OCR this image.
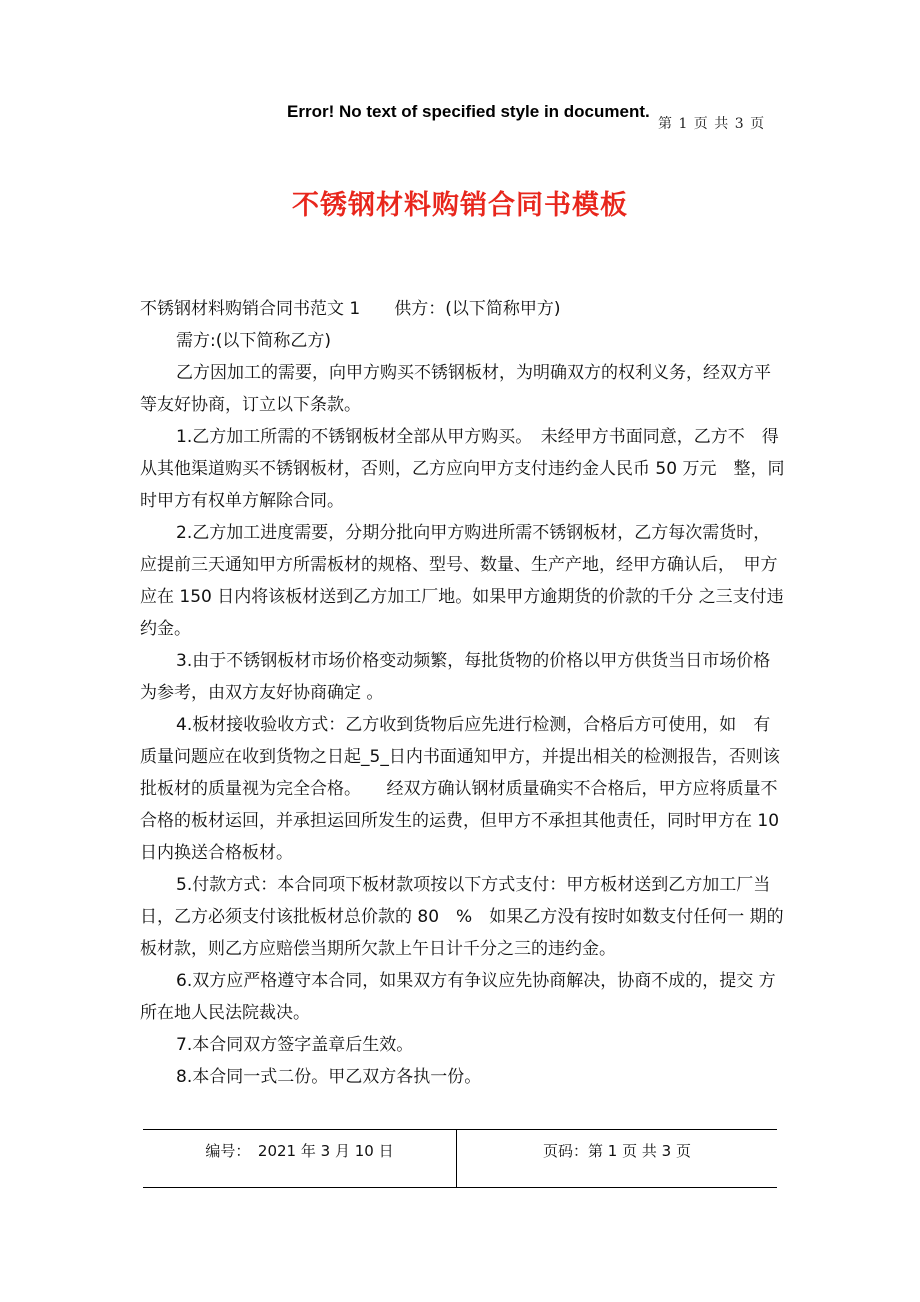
Error! No text of specified style in document.
第 1 页 共 3 页
不锈钢材料购销合同书模板

不锈钢材料购销合同书范文 1　　供方：(以下简称甲方)

需方:(以下简称乙方)

乙方因加工的需要，向甲方购买不锈钢板材，为明确双方的权利义务，经双方平等友好协商，订立以下条款。

1.乙方加工所需的不锈钢板材全部从甲方购买。　未经甲方书面同意，乙方不　得从其他渠道购买不锈钢板材，否则，乙方应向甲方支付违约金人民币 50 万元　整，同时甲方有权单方解除合同。

2.乙方加工进度需要，分期分批向甲方购进所需不锈钢板材，乙方每次需货时，　应提前三天通知甲方所需板材的规格、型号、数量、生产产地，经甲方确认后，　甲方应在 150 日内将该板材送到乙方加工厂地。如果甲方逾期货的价款的千分 之三支付违约金。

3.由于不锈钢板材市场价格变动频繁，每批货物的价格以甲方供货当日市场价格为参考，由双方友好协商确定 。

4.板材接收验收方式：乙方收到货物后应先进行检测，合格后方可使用，如　有质量问题应在收到货物之日起_5_日内书面通知甲方，并提出相关的检测报告，否则该批板材的质量视为完全合格。　　经双方确认钢材质量确实不合格后，甲方应将质量不合格的板材运回，并承担运回所发生的运费，但甲方不承担其他责任，同时甲方在 10 日内换送合格板材。

5.付款方式：本合同项下板材款项按以下方式支付：甲方板材送到乙方加工厂当日，乙方必须支付该批板材总价款的 80　%　如果乙方没有按时如数支付任何一 期的板材款，则乙方应赔偿当期所欠款上午日计千分之三的违约金。

6.双方应严格遵守本合同，如果双方有争议应先协商解决，协商不成的，提交 方所在地人民法院裁决。

7.本合同双方签字盖章后生效。

8.本合同一式二份。甲乙双方各执一份。

编号：　2021 年 3 月 10 日	页码：第 1 页 共 3 页
